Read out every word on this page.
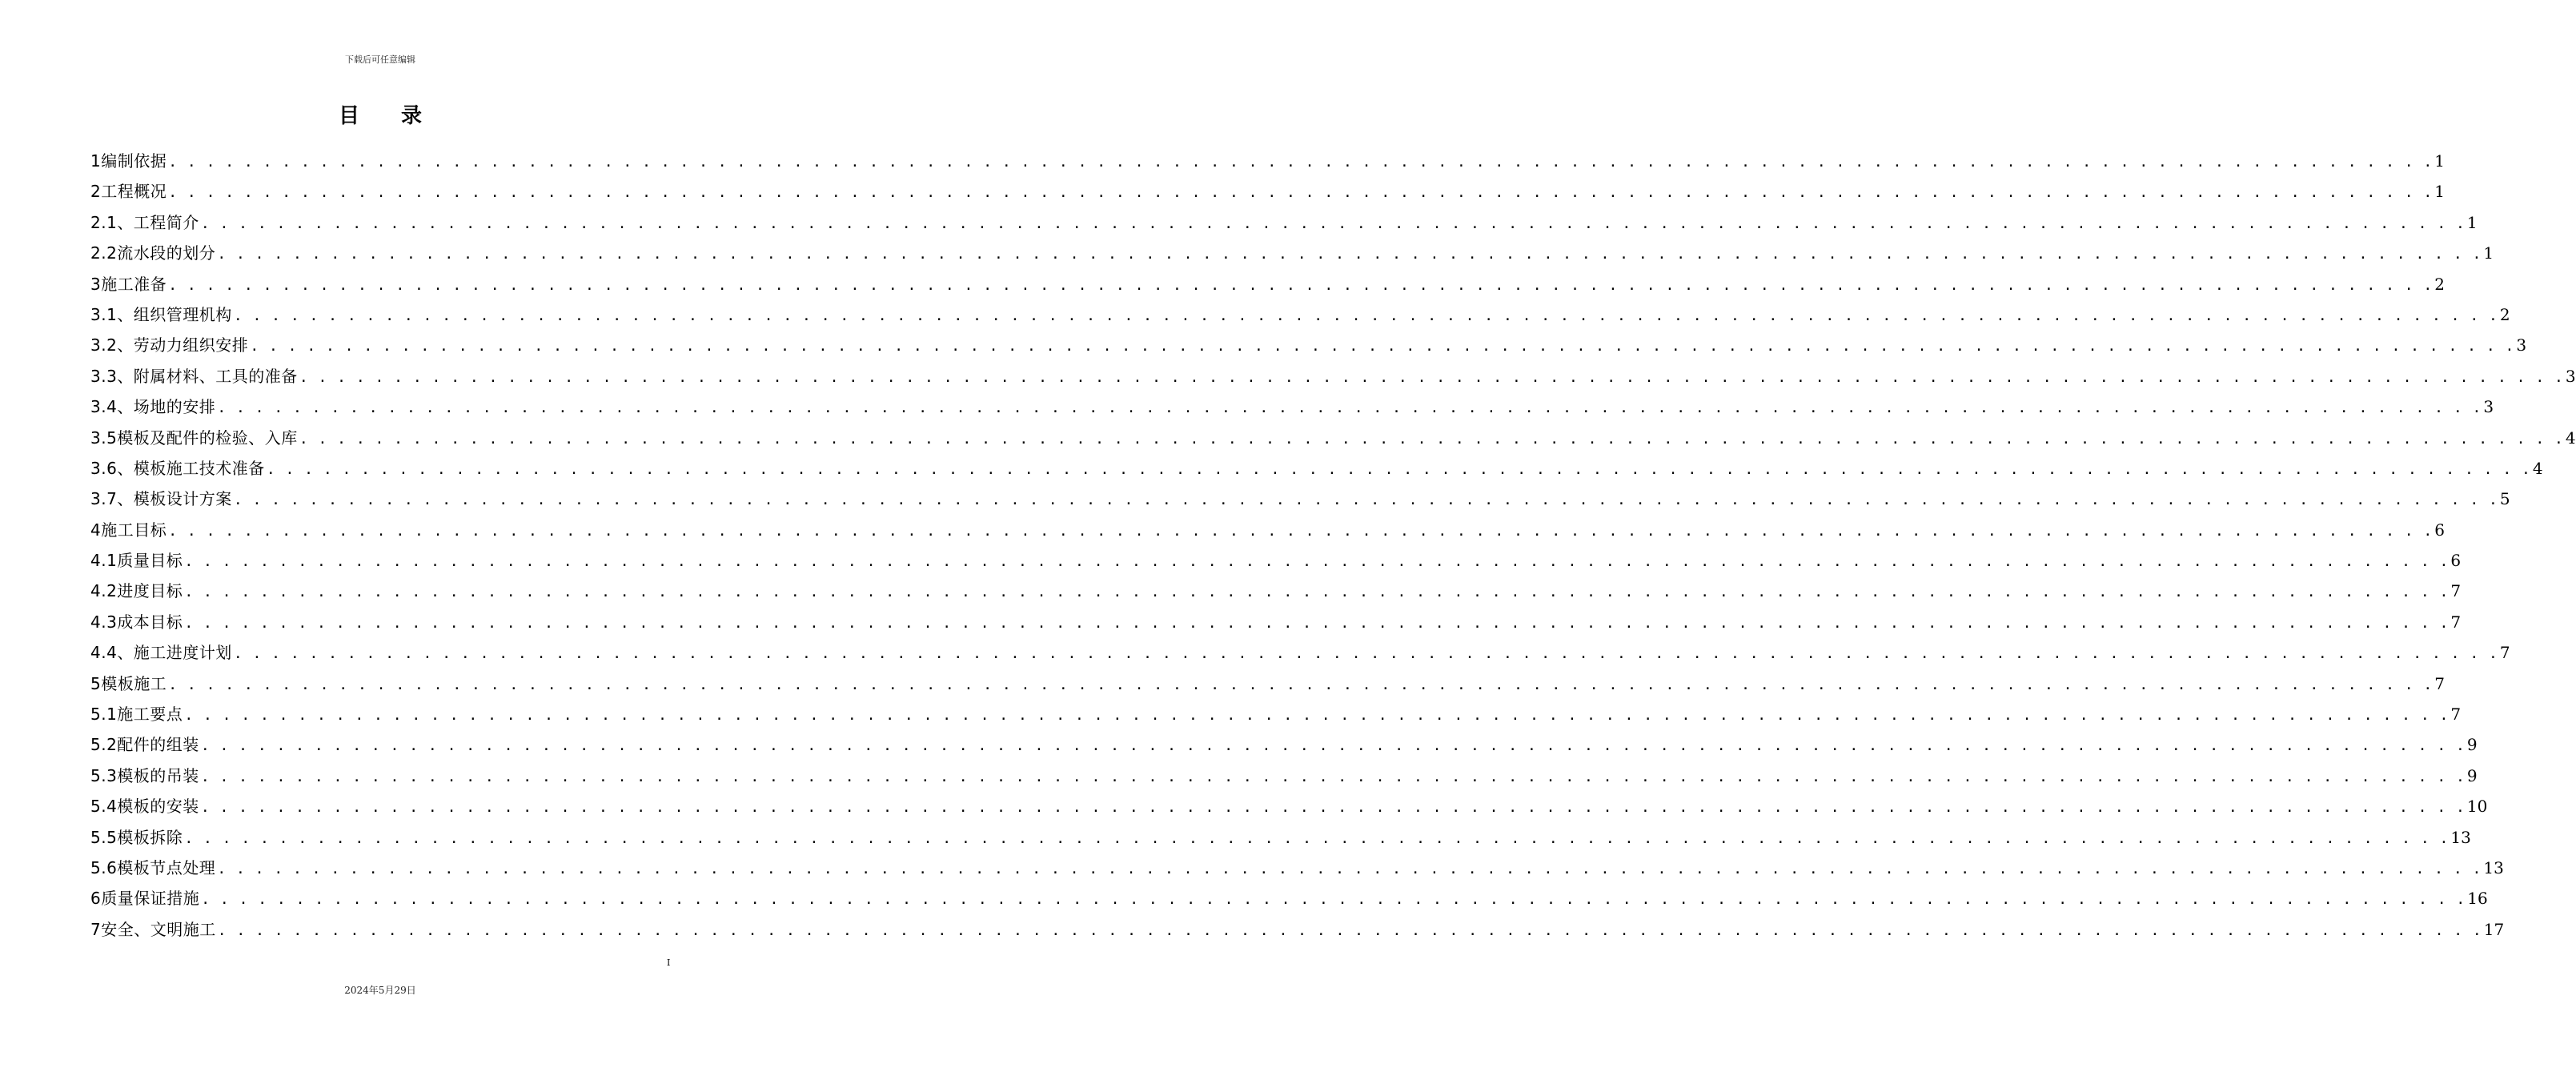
下载后可任意编辑
目 录
1编制依据 . . . . . . . . . . . . . . . . . . . . . . . . . . . . . . . . . . . . . . . . . . . . . . . . . . . . . . . . . . . . . . . . . . . . . . . . . . . . . . . . . . . . . . . . . . . . . . . . . . . . . . . . . . . . . . . . . . . . . . . . 1
2工程概况 . . . . . . . . . . . . . . . . . . . . . . . . . . . . . . . . . . . . . . . . . . . . . . . . . . . . . . . . . . . . . . . . . . . . . . . . . . . . . . . . . . . . . . . . . . . . . . . . . . . . . . . . . . . . . . . . . . . . . . . . 1
2.1、工程简介 . . . . . . . . . . . . . . . . . . . . . . . . . . . . . . . . . . . . . . . . . . . . . . . . . . . . . . . . . . . . . . . . . . . . . . . . . . . . . . . . . . . . . . . . . . . . . . . . . . . . . . . . . . . . . . . . . . . . . . . . 1
2.2流水段的划分 . . . . . . . . . . . . . . . . . . . . . . . . . . . . . . . . . . . . . . . . . . . . . . . . . . . . . . . . . . . . . . . . . . . . . . . . . . . . . . . . . . . . . . . . . . . . . . . . . . . . . . . . . . . . . . . . . . . . . . . . 1
3施工准备 . . . . . . . . . . . . . . . . . . . . . . . . . . . . . . . . . . . . . . . . . . . . . . . . . . . . . . . . . . . . . . . . . . . . . . . . . . . . . . . . . . . . . . . . . . . . . . . . . . . . . . . . . . . . . . . . . . . . . . . . 2
3.1、组织管理机构 . . . . . . . . . . . . . . . . . . . . . . . . . . . . . . . . . . . . . . . . . . . . . . . . . . . . . . . . . . . . . . . . . . . . . . . . . . . . . . . . . . . . . . . . . . . . . . . . . . . . . . . . . . . . . . . . . . . . . . . . 2
3.2、劳动力组织安排 . . . . . . . . . . . . . . . . . . . . . . . . . . . . . . . . . . . . . . . . . . . . . . . . . . . . . . . . . . . . . . . . . . . . . . . . . . . . . . . . . . . . . . . . . . . . . . . . . . . . . . . . . . . . . . . . . . . . . . . . 3
3.3、附属材料、工具的准备 . . . . . . . . . . . . . . . . . . . . . . . . . . . . . . . . . . . . . . . . . . . . . . . . . . . . . . . . . . . . . . . . . . . . . . . . . . . . . . . . . . . . . . . . . . . . . . . . . . . . . . . . . . . . . . . . . . . . . . . . 3
3.4、场地的安排 . . . . . . . . . . . . . . . . . . . . . . . . . . . . . . . . . . . . . . . . . . . . . . . . . . . . . . . . . . . . . . . . . . . . . . . . . . . . . . . . . . . . . . . . . . . . . . . . . . . . . . . . . . . . . . . . . . . . . . . . 3
3.5模板及配件的检验、入库 . . . . . . . . . . . . . . . . . . . . . . . . . . . . . . . . . . . . . . . . . . . . . . . . . . . . . . . . . . . . . . . . . . . . . . . . . . . . . . . . . . . . . . . . . . . . . . . . . . . . . . . . . . . . . . . . . . . . . . . . 4
3.6、模板施工技术准备 . . . . . . . . . . . . . . . . . . . . . . . . . . . . . . . . . . . . . . . . . . . . . . . . . . . . . . . . . . . . . . . . . . . . . . . . . . . . . . . . . . . . . . . . . . . . . . . . . . . . . . . . . . . . . . . . . . . . . . . . 4
3.7、模板设计方案 . . . . . . . . . . . . . . . . . . . . . . . . . . . . . . . . . . . . . . . . . . . . . . . . . . . . . . . . . . . . . . . . . . . . . . . . . . . . . . . . . . . . . . . . . . . . . . . . . . . . . . . . . . . . . . . . . . . . . . . . 5
4施工目标 . . . . . . . . . . . . . . . . . . . . . . . . . . . . . . . . . . . . . . . . . . . . . . . . . . . . . . . . . . . . . . . . . . . . . . . . . . . . . . . . . . . . . . . . . . . . . . . . . . . . . . . . . . . . . . . . . . . . . . . . 6
4.1质量目标 . . . . . . . . . . . . . . . . . . . . . . . . . . . . . . . . . . . . . . . . . . . . . . . . . . . . . . . . . . . . . . . . . . . . . . . . . . . . . . . . . . . . . . . . . . . . . . . . . . . . . . . . . . . . . . . . . . . . . . . . 6
4.2进度目标 . . . . . . . . . . . . . . . . . . . . . . . . . . . . . . . . . . . . . . . . . . . . . . . . . . . . . . . . . . . . . . . . . . . . . . . . . . . . . . . . . . . . . . . . . . . . . . . . . . . . . . . . . . . . . . . . . . . . . . . . 7
4.3成本目标 . . . . . . . . . . . . . . . . . . . . . . . . . . . . . . . . . . . . . . . . . . . . . . . . . . . . . . . . . . . . . . . . . . . . . . . . . . . . . . . . . . . . . . . . . . . . . . . . . . . . . . . . . . . . . . . . . . . . . . . . 7
4.4、施工进度计划 . . . . . . . . . . . . . . . . . . . . . . . . . . . . . . . . . . . . . . . . . . . . . . . . . . . . . . . . . . . . . . . . . . . . . . . . . . . . . . . . . . . . . . . . . . . . . . . . . . . . . . . . . . . . . . . . . . . . . . . . 7
5模板施工 . . . . . . . . . . . . . . . . . . . . . . . . . . . . . . . . . . . . . . . . . . . . . . . . . . . . . . . . . . . . . . . . . . . . . . . . . . . . . . . . . . . . . . . . . . . . . . . . . . . . . . . . . . . . . . . . . . . . . . . . 7
5.1施工要点 . . . . . . . . . . . . . . . . . . . . . . . . . . . . . . . . . . . . . . . . . . . . . . . . . . . . . . . . . . . . . . . . . . . . . . . . . . . . . . . . . . . . . . . . . . . . . . . . . . . . . . . . . . . . . . . . . . . . . . . . 7
5.2配件的组装 . . . . . . . . . . . . . . . . . . . . . . . . . . . . . . . . . . . . . . . . . . . . . . . . . . . . . . . . . . . . . . . . . . . . . . . . . . . . . . . . . . . . . . . . . . . . . . . . . . . . . . . . . . . . . . . . . . . . . . . . 9
5.3模板的吊装 . . . . . . . . . . . . . . . . . . . . . . . . . . . . . . . . . . . . . . . . . . . . . . . . . . . . . . . . . . . . . . . . . . . . . . . . . . . . . . . . . . . . . . . . . . . . . . . . . . . . . . . . . . . . . . . . . . . . . . . . 9
5.4模板的安装 . . . . . . . . . . . . . . . . . . . . . . . . . . . . . . . . . . . . . . . . . . . . . . . . . . . . . . . . . . . . . . . . . . . . . . . . . . . . . . . . . . . . . . . . . . . . . . . . . . . . . . . . . . . . . . . . . . . . . . . . 10
5.5模板拆除 . . . . . . . . . . . . . . . . . . . . . . . . . . . . . . . . . . . . . . . . . . . . . . . . . . . . . . . . . . . . . . . . . . . . . . . . . . . . . . . . . . . . . . . . . . . . . . . . . . . . . . . . . . . . . . . . . . . . . . . . 13
5.6模板节点处理 . . . . . . . . . . . . . . . . . . . . . . . . . . . . . . . . . . . . . . . . . . . . . . . . . . . . . . . . . . . . . . . . . . . . . . . . . . . . . . . . . . . . . . . . . . . . . . . . . . . . . . . . . . . . . . . . . . . . . . . . 13
6质量保证措施 . . . . . . . . . . . . . . . . . . . . . . . . . . . . . . . . . . . . . . . . . . . . . . . . . . . . . . . . . . . . . . . . . . . . . . . . . . . . . . . . . . . . . . . . . . . . . . . . . . . . . . . . . . . . . . . . . . . . . . . . 16
7安全、文明施工 . . . . . . . . . . . . . . . . . . . . . . . . . . . . . . . . . . . . . . . . . . . . . . . . . . . . . . . . . . . . . . . . . . . . . . . . . . . . . . . . . . . . . . . . . . . . . . . . . . . . . . . . . . . . . . . . . . . . . . . . 17
I
2024年5月29日
